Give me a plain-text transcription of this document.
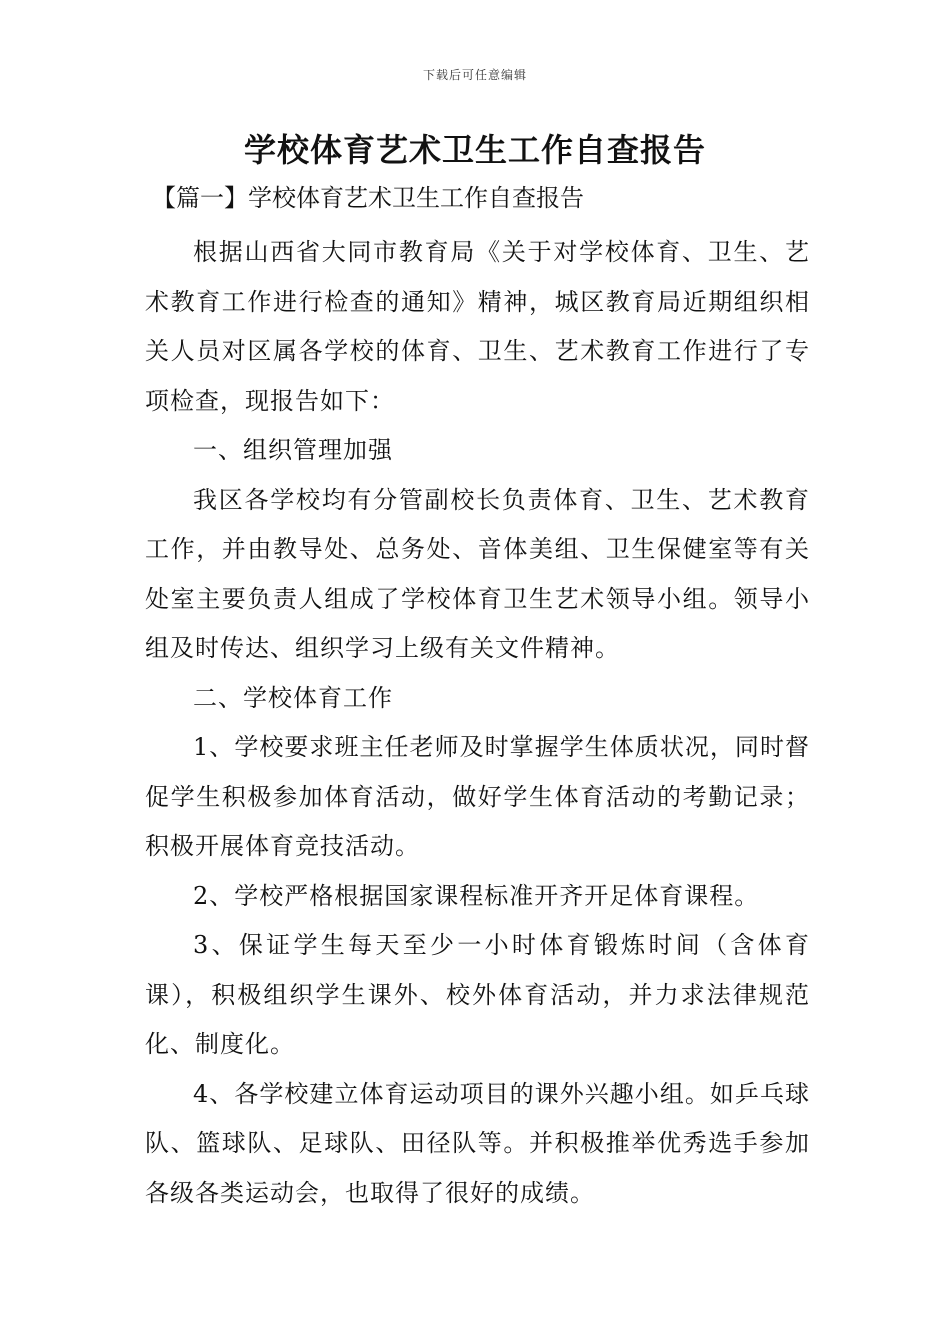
下载后可任意编辑
学校体育艺术卫生工作自查报告

【篇一】学校体育艺术卫生工作自查报告

根据山西省大同市教育局《关于对学校体育、卫生、艺术教育工作进行检查的通知》精神，城区教育局近期组织相关人员对区属各学校的体育、卫生、艺术教育工作进行了专项检查，现报告如下：

一、组织管理加强

我区各学校均有分管副校长负责体育、卫生、艺术教育工作，并由教导处、总务处、音体美组、卫生保健室等有关处室主要负责人组成了学校体育卫生艺术领导小组。领导小组及时传达、组织学习上级有关文件精神。

二、学校体育工作

1、学校要求班主任老师及时掌握学生体质状况，同时督促学生积极参加体育活动，做好学生体育活动的考勤记录；积极开展体育竞技活动。

2、学校严格根据国家课程标准开齐开足体育课程。

3、保证学生每天至少一小时体育锻炼时间（含体育课），积极组织学生课外、校外体育活动，并力求法律规范化、制度化。

4、各学校建立体育运动项目的课外兴趣小组。如乒乓球队、篮球队、足球队、田径队等。并积极推举优秀选手参加各级各类运动会，也取得了很好的成绩。
